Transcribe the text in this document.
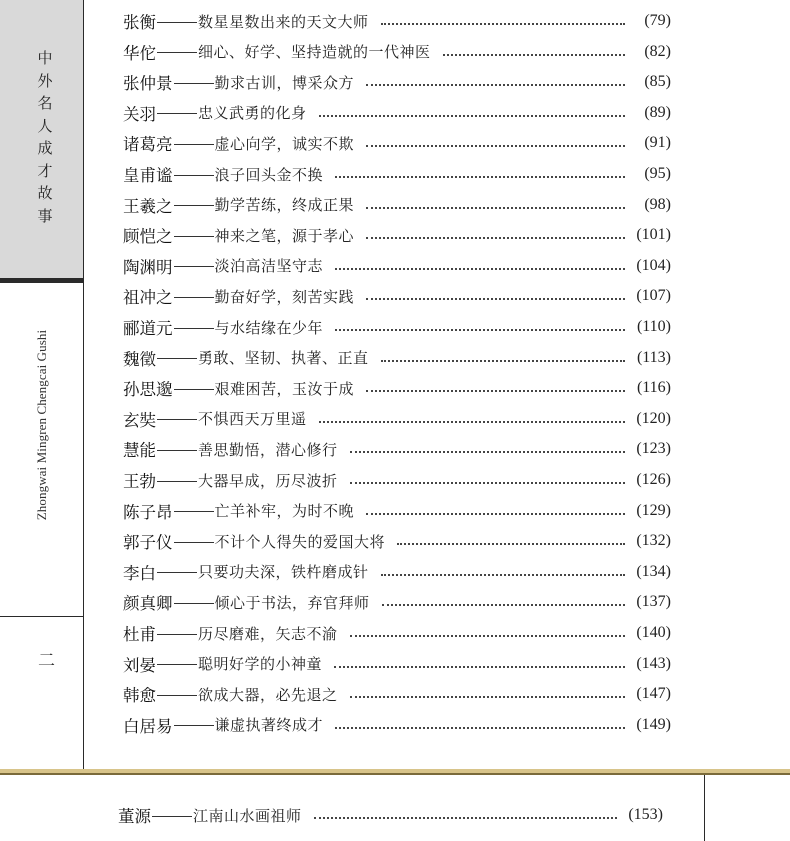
中
外
名
人
成
才
故
事
Zhongwai Mingren Chengcai Gushi
二
张衡	数星星数出来的天文大师	(79)
华佗	细心、好学、坚持造就的一代神医	(82)
张仲景	勤求古训，博采众方	(85)
关羽	忠义武勇的化身	(89)
诸葛亮	虚心向学，诚实不欺	(91)
皇甫谧	浪子回头金不换	(95)
王羲之	勤学苦练，终成正果	(98)
顾恺之	神来之笔，源于孝心	(101)
陶渊明	淡泊高洁坚守志	(104)
祖冲之	勤奋好学，刻苦实践	(107)
郦道元	与水结缘在少年	(110)
魏徵	勇敢、坚韧、执著、正直	(113)
孙思邈	艰难困苦，玉汝于成	(116)
玄奘	不惧西天万里遥	(120)
慧能	善思勤悟，潜心修行	(123)
王勃	大器早成，历尽波折	(126)
陈子昂	亡羊补牢，为时不晚	(129)
郭子仪	不计个人得失的爱国大将	(132)
李白	只要功夫深，铁杵磨成针	(134)
颜真卿	倾心于书法，弃官拜师	(137)
杜甫	历尽磨难，矢志不渝	(140)
刘晏	聪明好学的小神童	(143)
韩愈	欲成大器，必先退之	(147)
白居易	谦虚执著终成才	(149)
董源	江南山水画祖师	(153)
